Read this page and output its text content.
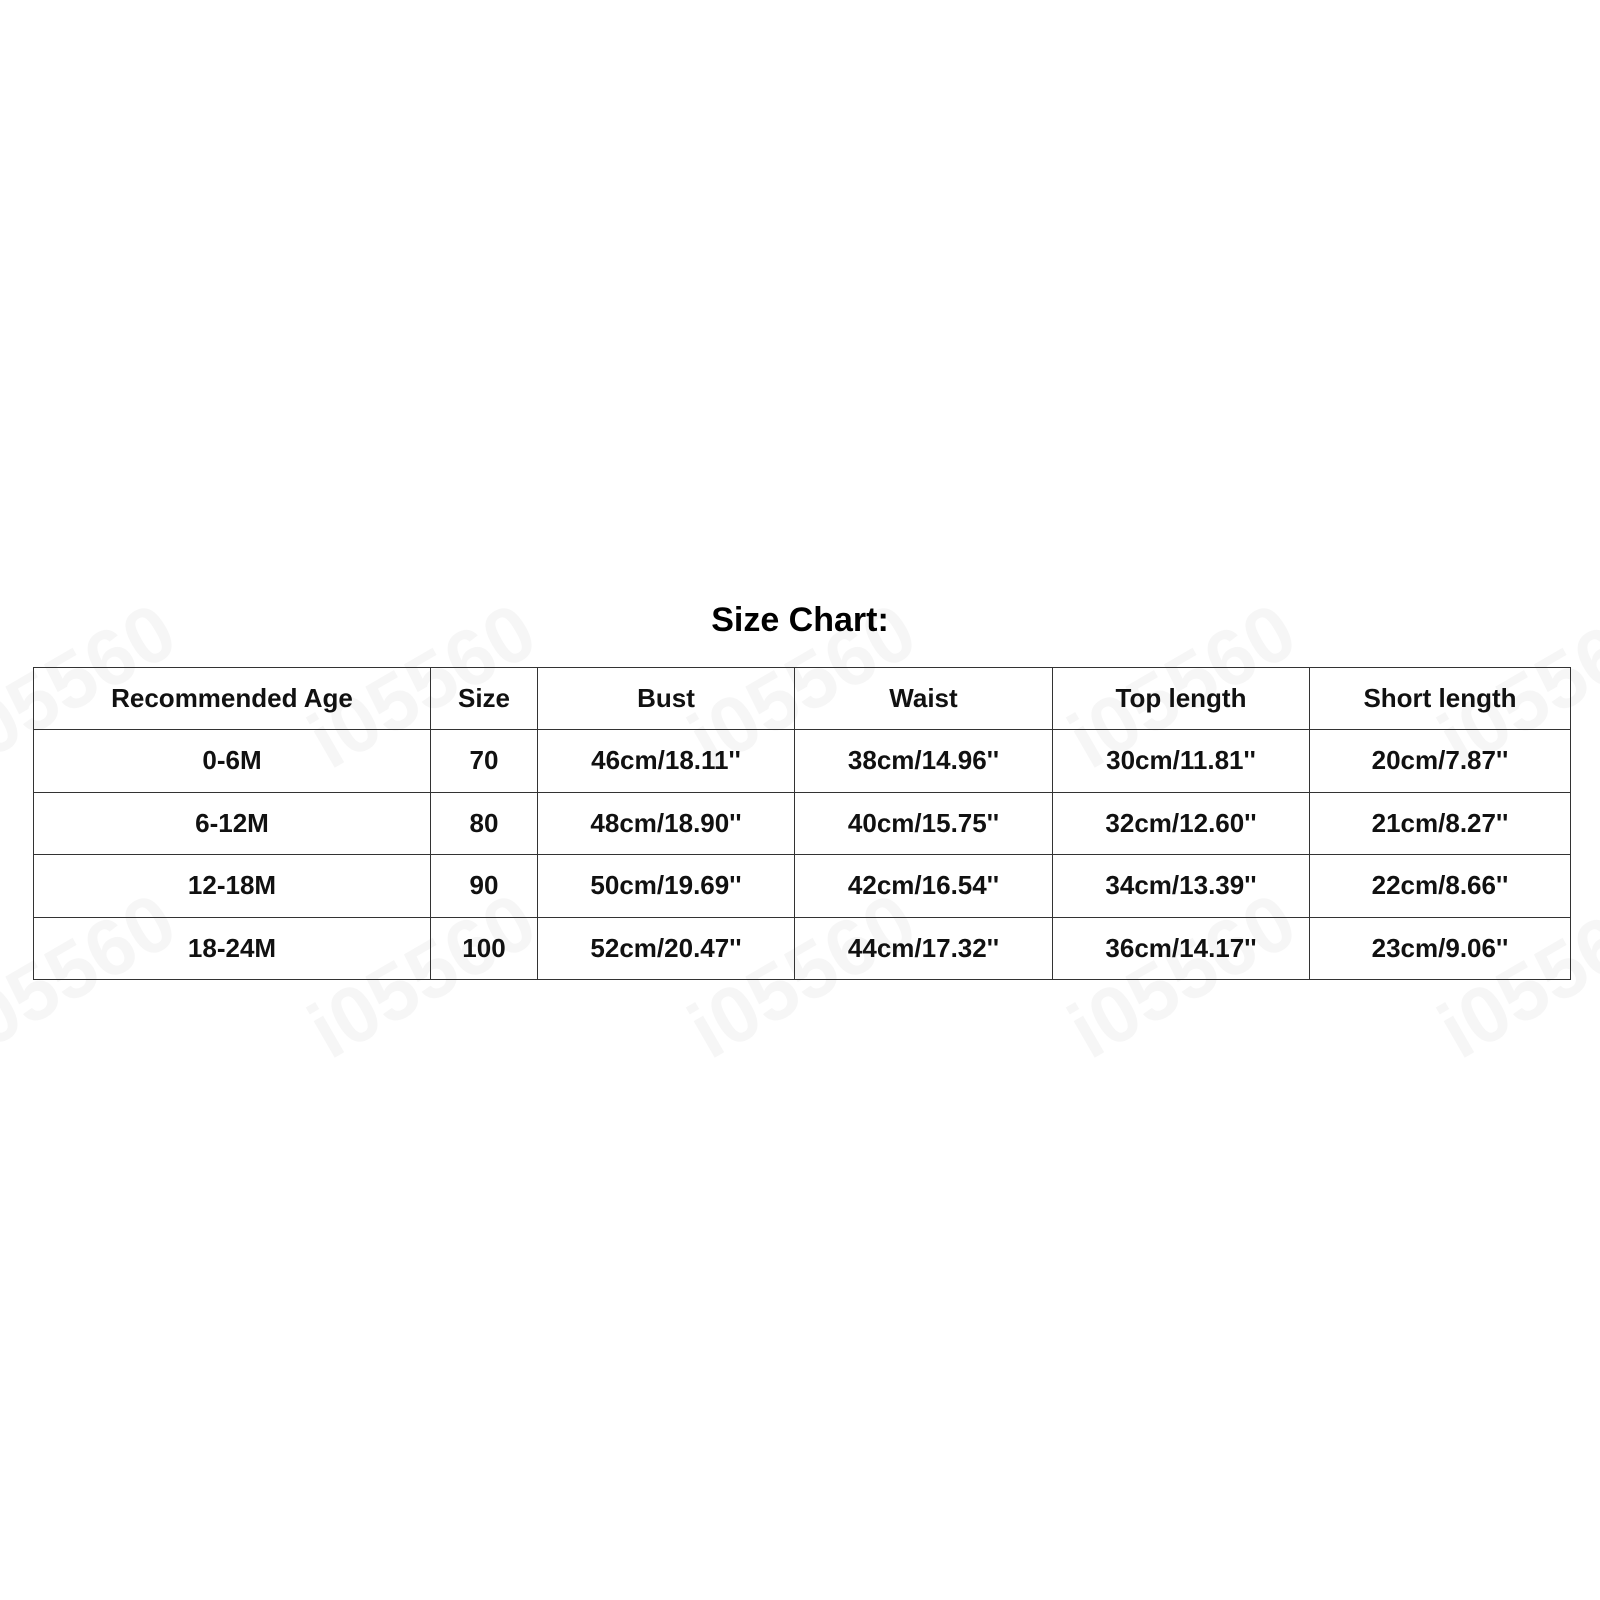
Size Chart:
Recommended Age	Size	Bust	Waist	Top length	Short length
0-6M	70	46cm/18.11''	38cm/14.96''	30cm/11.81''	20cm/7.87''
6-12M	80	48cm/18.90''	40cm/15.75''	32cm/12.60''	21cm/8.27''
12-18M	90	50cm/19.69''	42cm/16.54''	34cm/13.39''	22cm/8.66''
18-24M	100	52cm/20.47''	44cm/17.32''	36cm/14.17''	23cm/9.06''
